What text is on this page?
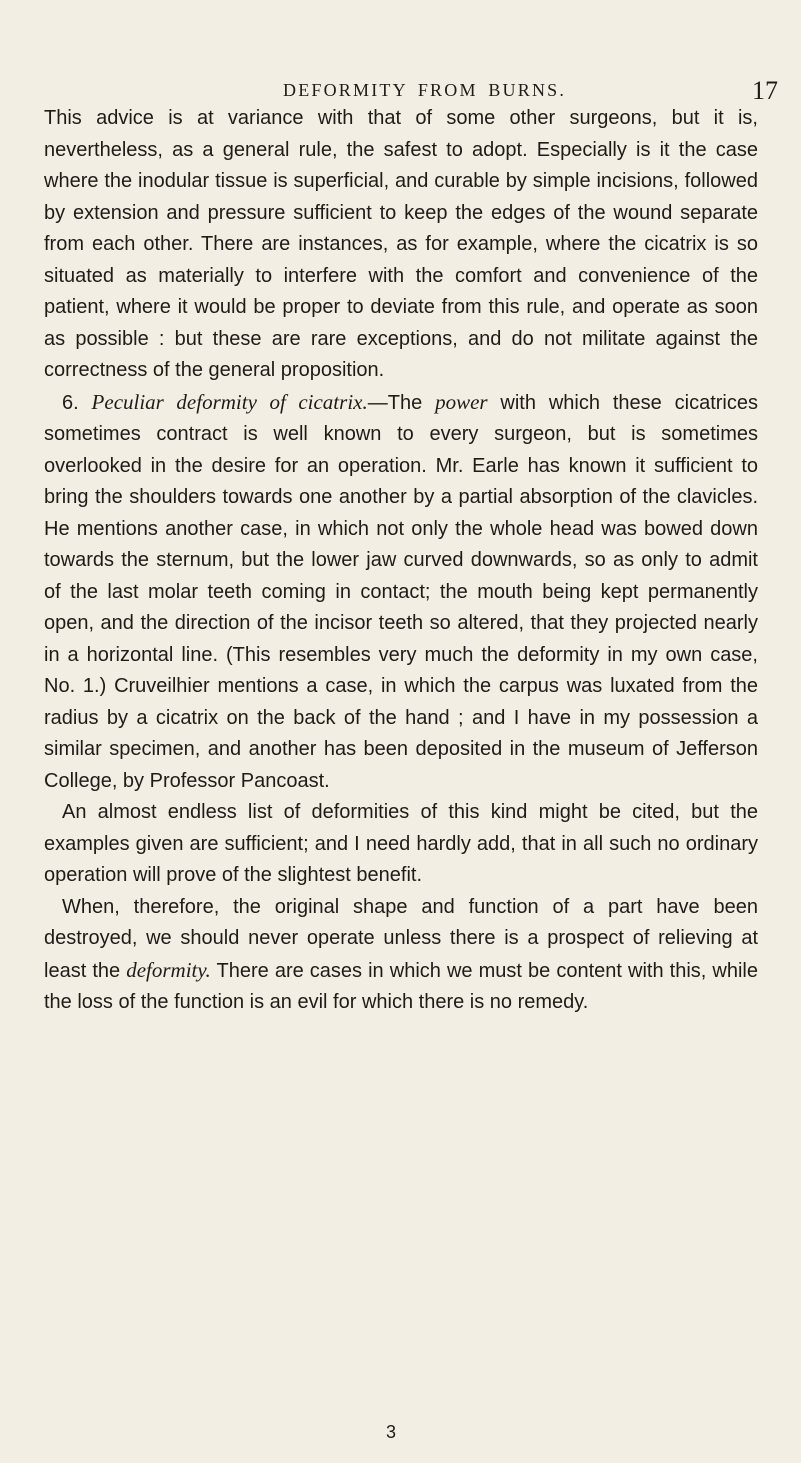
DEFORMITY FROM BURNS.	17

This advice is at variance with that of some other surgeons, but it is, nevertheless, as a general rule, the safest to adopt. Especially is it the case where the inodular tissue is superficial, and curable by simple incisions, followed by extension and pressure sufficient to keep the edges of the wound separate from each other. There are instances, as for example, where the cicatrix is so situated as materially to interfere with the comfort and convenience of the patient, where it would be proper to deviate from this rule, and operate as soon as possible : but these are rare exceptions, and do not militate against the correctness of the general proposition.

6. Peculiar deformity of cicatrix.—The power with which these cicatrices sometimes contract is well known to every surgeon, but is sometimes overlooked in the desire for an operation. Mr. Earle has known it sufficient to bring the shoulders towards one another by a partial absorption of the clavicles. He mentions another case, in which not only the whole head was bowed down towards the sternum, but the lower jaw curved downwards, so as only to admit of the last molar teeth coming in contact; the mouth being kept permanently open, and the direction of the incisor teeth so altered, that they projected nearly in a horizontal line. (This resembles very much the deformity in my own case, No. 1.) Cruveilhier mentions a case, in which the carpus was luxated from the radius by a cicatrix on the back of the hand ; and I have in my possession a similar specimen, and another has been deposited in the museum of Jefferson College, by Professor Pancoast.

An almost endless list of deformities of this kind might be cited, but the examples given are sufficient; and I need hardly add, that in all such no ordinary operation will prove of the slightest benefit.

When, therefore, the original shape and function of a part have been destroyed, we should never operate unless there is a prospect of relieving at least the deformity. There are cases in which we must be content with this, while the loss of the function is an evil for which there is no remedy.

3
